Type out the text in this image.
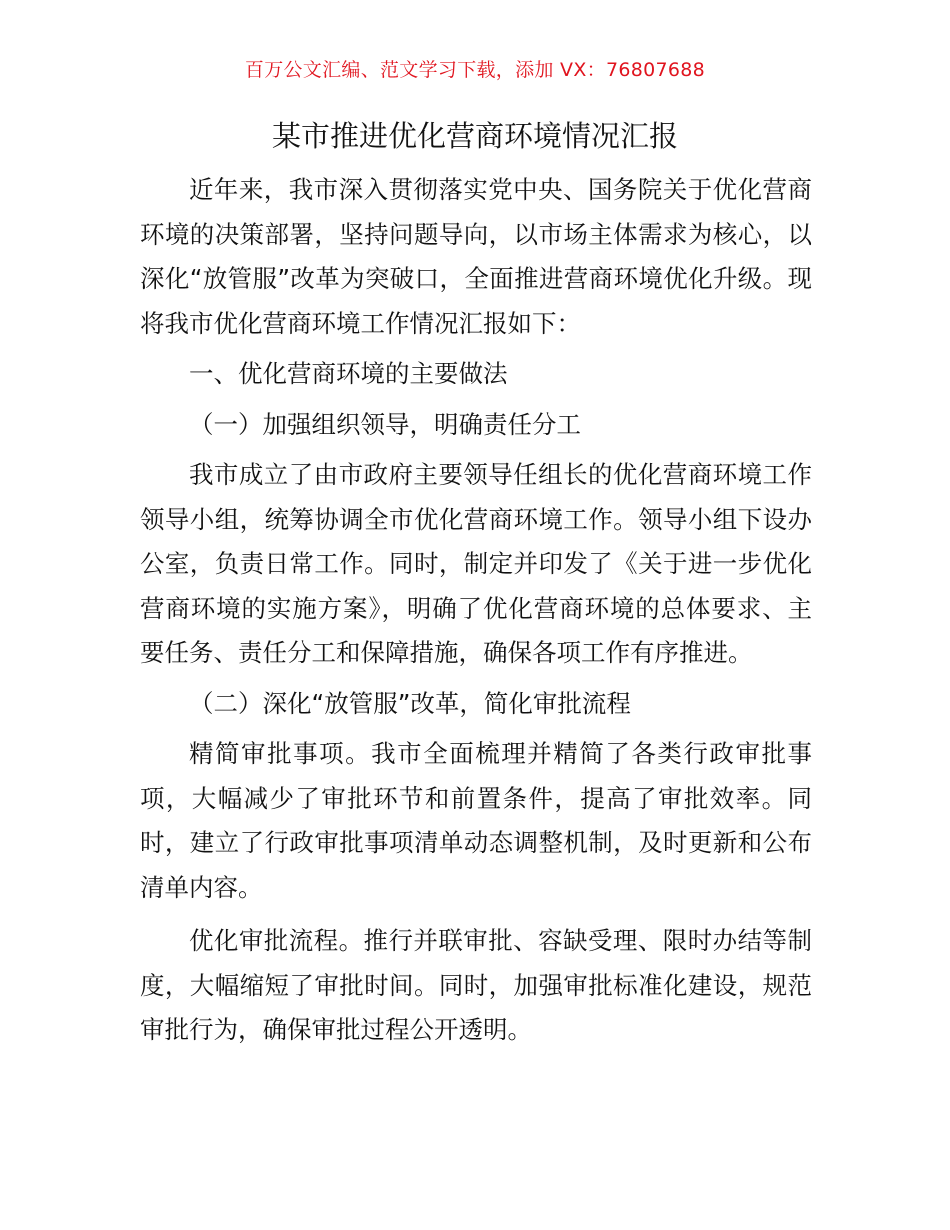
百万公文汇编、范文学习下载，添加 VX：76807688
某市推进优化营商环境情况汇报

近年来，我市深入贯彻落实党中央、国务院关于优化营商环境的决策部署，坚持问题导向，以市场主体需求为核心，以深化“放管服”改革为突破口，全面推进营商环境优化升级。现将我市优化营商环境工作情况汇报如下：

一、优化营商环境的主要做法

（一）加强组织领导，明确责任分工

我市成立了由市政府主要领导任组长的优化营商环境工作领导小组，统筹协调全市优化营商环境工作。领导小组下设办公室，负责日常工作。同时，制定并印发了《关于进一步优化营商环境的实施方案》，明确了优化营商环境的总体要求、主要任务、责任分工和保障措施，确保各项工作有序推进。

（二）深化“放管服”改革，简化审批流程

精简审批事项。我市全面梳理并精简了各类行政审批事项，大幅减少了审批环节和前置条件，提高了审批效率。同时，建立了行政审批事项清单动态调整机制，及时更新和公布清单内容。

优化审批流程。推行并联审批、容缺受理、限时办结等制度，大幅缩短了审批时间。同时，加强审批标准化建设，规范审批行为，确保审批过程公开透明。
